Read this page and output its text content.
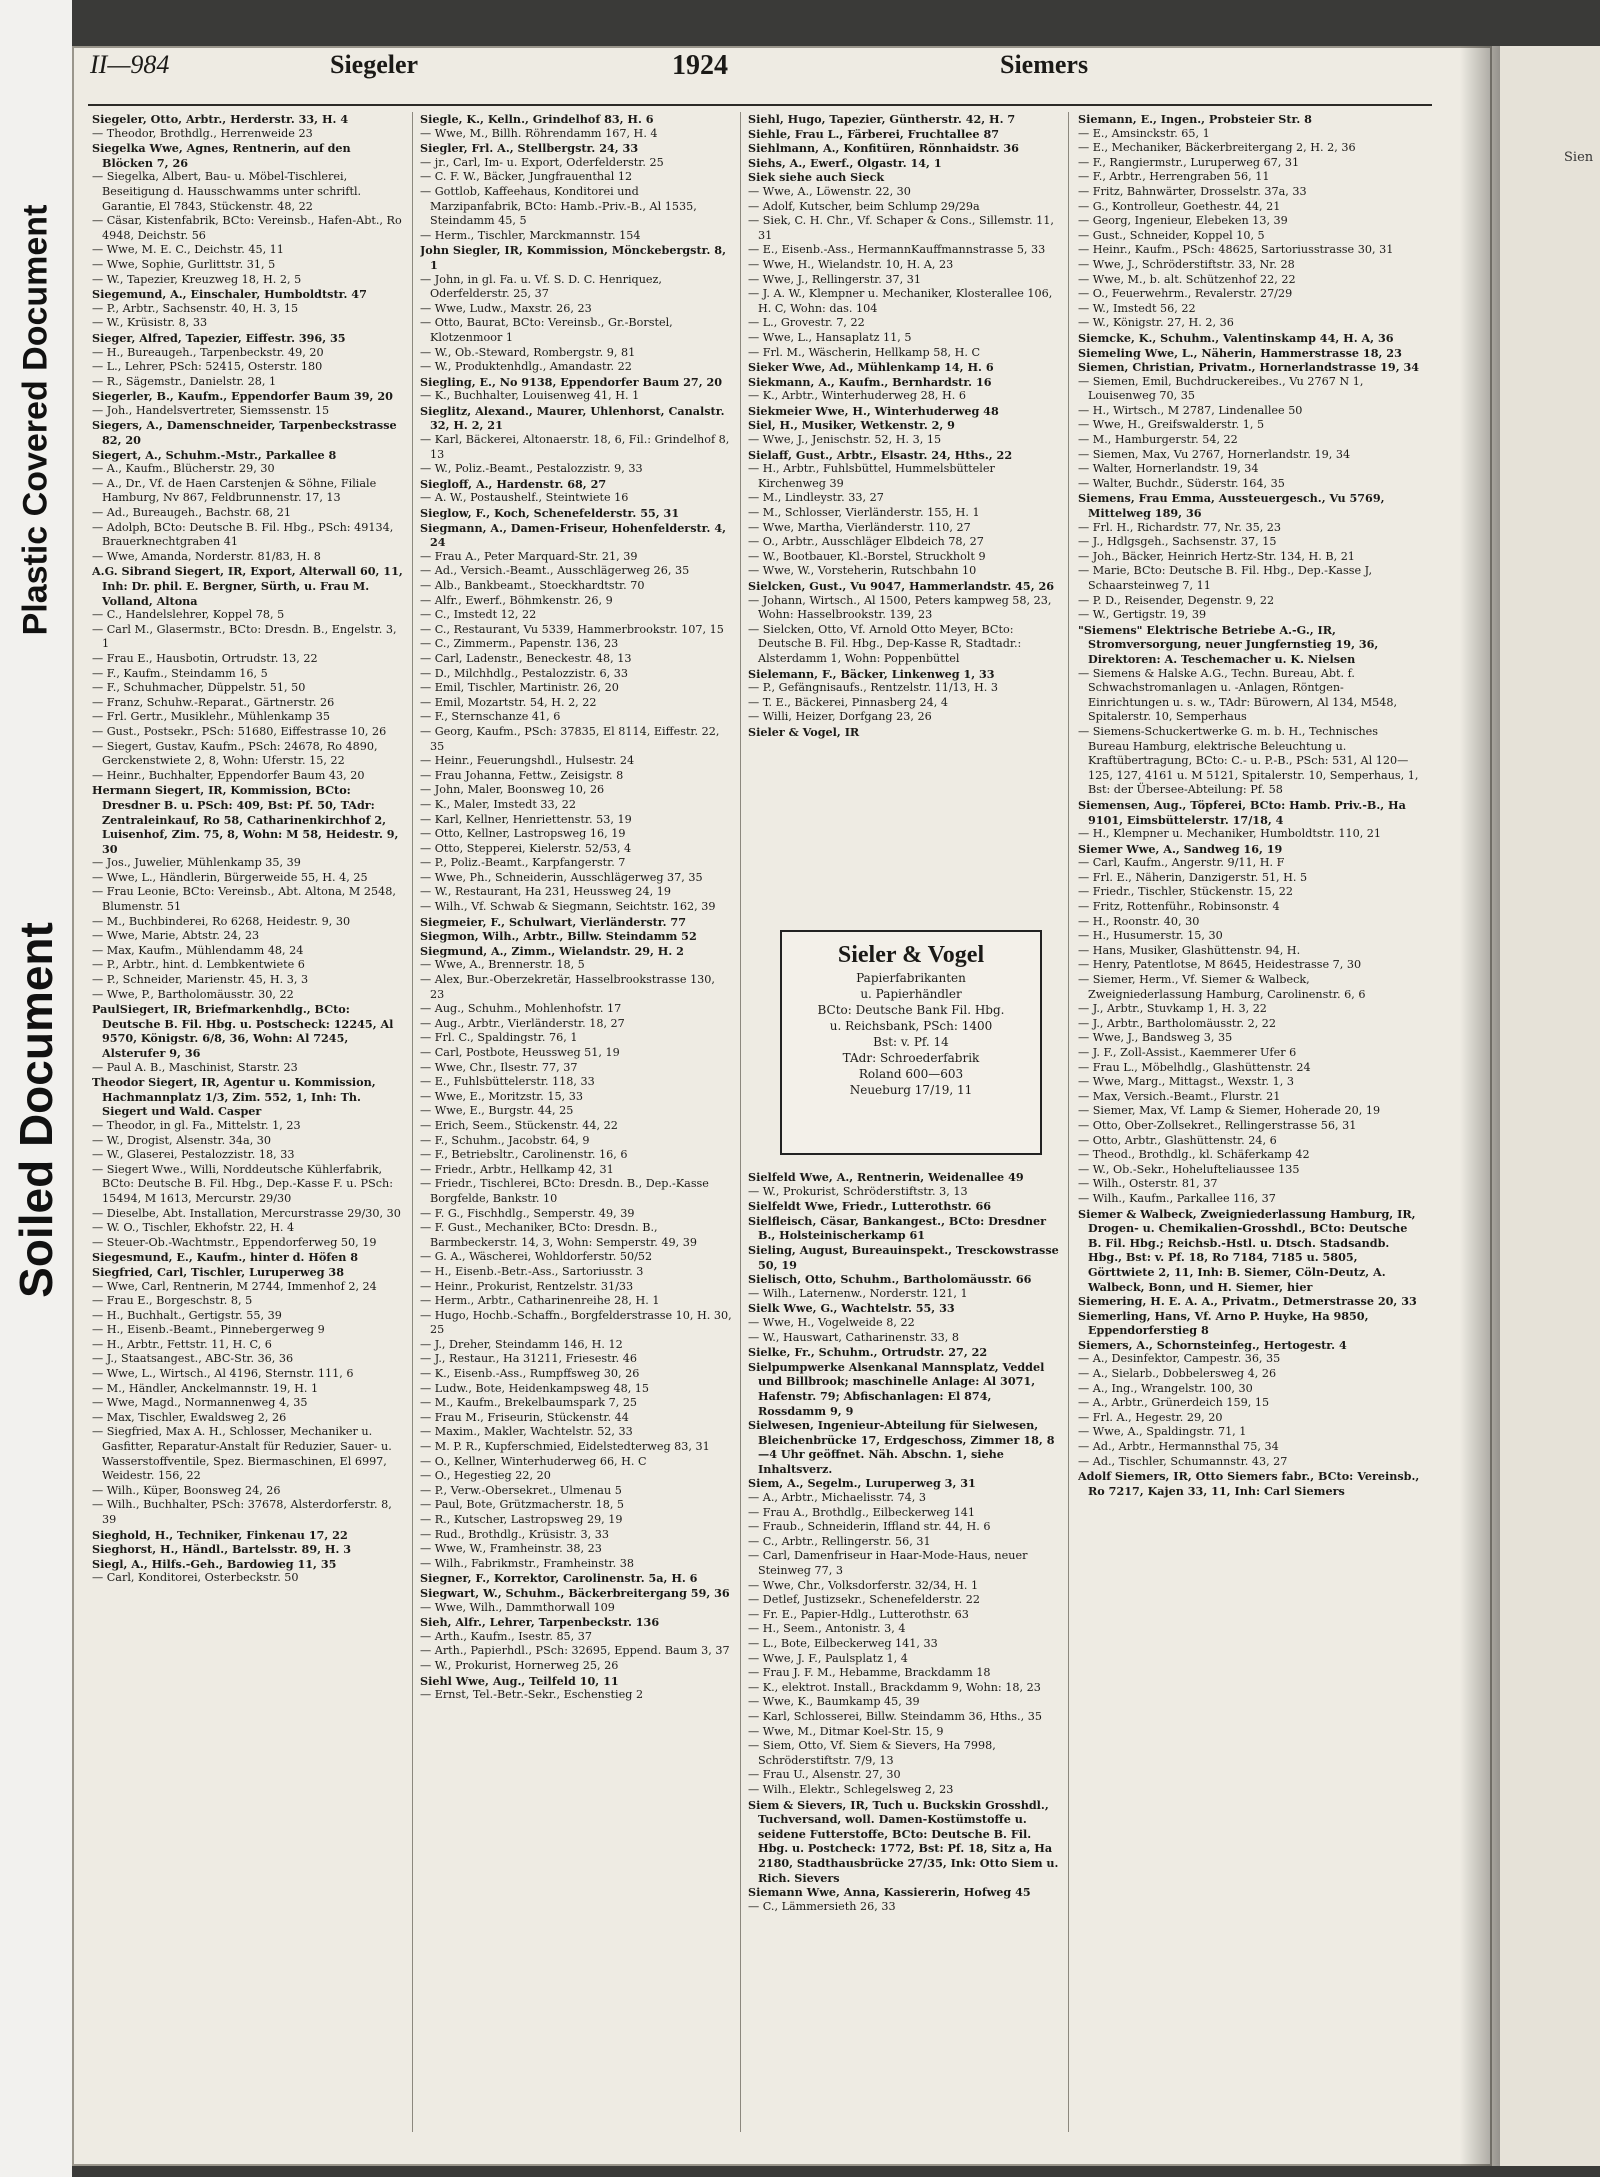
Plastic Covered Document
Soiled Document
Sien
II—984	Siegeler	1924	Siemers

Siegeler, Otto, Arbtr., Herderstr. 33, H. 4

— Theodor, Brothdlg., Herrenweide 23

Siegelka Wwe, Agnes, Rentnerin, auf den Blöcken 7, 26

— Siegelka, Albert, Bau- u. Möbel-Tischlerei, Beseitigung d. Hausschwamms unter schriftl. Garantie, El 7843, Stückenstr. 48, 22

— Cäsar, Kistenfabrik, BCto: Vereinsb., Hafen-Abt., Ro 4948, Deichstr. 56

— Wwe, M. E. C., Deichstr. 45, 11

— Wwe, Sophie, Gurlittstr. 31, 5

— W., Tapezier, Kreuzweg 18, H. 2, 5

Siegemund, A., Einschaler, Humboldtstr. 47

— P., Arbtr., Sachsenstr. 40, H. 3, 15

— W., Krüsistr. 8, 33

Sieger, Alfred, Tapezier, Eiffestr. 396, 35

— H., Bureaugeh., Tarpenbeckstr. 49, 20

— L., Lehrer, PSch: 52415, Osterstr. 180

— R., Sägemstr., Danielstr. 28, 1

Siegerler, B., Kaufm., Eppendorfer Baum 39, 20

— Joh., Handelsvertreter, Siemssenstr. 15

Siegers, A., Damenschneider, Tarpenbeckstrasse 82, 20

Siegert, A., Schuhm.-Mstr., Parkallee 8

— A., Kaufm., Blücherstr. 29, 30

— A., Dr., Vf. de Haen Carstenjen & Söhne, Filiale Hamburg, Nv 867, Feldbrunnenstr. 17, 13

— Ad., Bureaugeh., Bachstr. 68, 21

— Adolph, BCto: Deutsche B. Fil. Hbg., PSch: 49134, Brauerknechtgraben 41

— Wwe, Amanda, Norderstr. 81/83, H. 8

A.G. Sibrand Siegert, IR, Export, Alterwall 60, 11, Inh: Dr. phil. E. Bergner, Sürth, u. Frau M. Volland, Altona

— C., Handelslehrer, Koppel 78, 5

— Carl M., Glasermstr., BCto: Dresdn. B., Engelstr. 3, 1

— Frau E., Hausbotin, Ortrudstr. 13, 22

— F., Kaufm., Steindamm 16, 5

— F., Schuhmacher, Düppelstr. 51, 50

— Franz, Schuhw.-Reparat., Gärtnerstr. 26

— Frl. Gertr., Musiklehr., Mühlenkamp 35

— Gust., Postsekr., PSch: 51680, Eiffestrasse 10, 26

— Siegert, Gustav, Kaufm., PSch: 24678, Ro 4890, Gerckenstwiete 2, 8, Wohn: Uferstr. 15, 22

— Heinr., Buchhalter, Eppendorfer Baum 43, 20

Hermann Siegert, IR, Kommission, BCto: Dresdner B. u. PSch: 409, Bst: Pf. 50, TAdr: Zentraleinkauf, Ro 58, Catharinenkirchhof 2, Luisenhof, Zim. 75, 8, Wohn: M 58, Heidestr. 9, 30

— Jos., Juwelier, Mühlenkamp 35, 39

— Wwe, L., Händlerin, Bürgerweide 55, H. 4, 25

— Frau Leonie, BCto: Vereinsb., Abt. Altona, M 2548, Blumenstr. 51

— M., Buchbinderei, Ro 6268, Heidestr. 9, 30

— Wwe, Marie, Abtstr. 24, 23

— Max, Kaufm., Mühlendamm 48, 24

— P., Arbtr., hint. d. Lembkentwiete 6

— P., Schneider, Marienstr. 45, H. 3, 3

— Wwe, P., Bartholomäusstr. 30, 22

PaulSiegert, IR, Briefmarkenhdlg., BCto: Deutsche B. Fil. Hbg. u. Postscheck: 12245, Al 9570, Königstr. 6/8, 36, Wohn: Al 7245, Alsterufer 9, 36

— Paul A. B., Maschinist, Starstr. 23

Theodor Siegert, IR, Agentur u. Kommission, Hachmannplatz 1/3, Zim. 552, 1, Inh: Th. Siegert und Wald. Casper

— Theodor, in gl. Fa., Mittelstr. 1, 23

— W., Drogist, Alsenstr. 34a, 30

— W., Glaserei, Pestalozzistr. 18, 33

— Siegert Wwe., Willi, Norddeutsche Kühlerfabrik, BCto: Deutsche B. Fil. Hbg., Dep.-Kasse F. u. PSch: 15494, M 1613, Mercurstr. 29/30

— Dieselbe, Abt. Installation, Mercurstrasse 29/30, 30

— W. O., Tischler, Ekhofstr. 22, H. 4

— Steuer-Ob.-Wachtmstr., Eppendorferweg 50, 19

Siegesmund, E., Kaufm., hinter d. Höfen 8

Siegfried, Carl, Tischler, Luruperweg 38

— Wwe, Carl, Rentnerin, M 2744, Immenhof 2, 24

— Frau E., Borgeschstr. 8, 5

— H., Buchhalt., Gertigstr. 55, 39

— H., Eisenb.-Beamt., Pinnebergerweg 9

— H., Arbtr., Fettstr. 11, H. C, 6

— J., Staatsangest., ABC-Str. 36, 36

— Wwe, L., Wirtsch., Al 4196, Sternstr. 111, 6

— M., Händler, Anckelmannstr. 19, H. 1

— Wwe, Magd., Normannenweg 4, 35

— Max, Tischler, Ewaldsweg 2, 26

— Siegfried, Max A. H., Schlosser, Mechaniker u. Gasfitter, Reparatur-Anstalt für Reduzier, Sauer- u. Wasserstoffventile, Spez. Biermaschinen, El 6997, Weidestr. 156, 22

— Wilh., Küper, Boonsweg 24, 26

— Wilh., Buchhalter, PSch: 37678, Alsterdorferstr. 8, 39

Sieghold, H., Techniker, Finkenau 17, 22

Sieghorst, H., Händl., Bartelsstr. 89, H. 3

Siegl, A., Hilfs.-Geh., Bardowieg 11, 35

— Carl, Konditorei, Osterbeckstr. 50

Siegle, K., Kelln., Grindelhof 83, H. 6

— Wwe, M., Billh. Röhrendamm 167, H. 4

Siegler, Frl. A., Stellbergstr. 24, 33

— jr., Carl, Im- u. Export, Oderfelderstr. 25

— C. F. W., Bäcker, Jungfrauenthal 12

— Gottlob, Kaffeehaus, Konditorei und Marzipanfabrik, BCto: Hamb.-Priv.-B., Al 1535, Steindamm 45, 5

— Herm., Tischler, Marckmannstr. 154

John Siegler, IR, Kommission, Mönckebergstr. 8, 1

— John, in gl. Fa. u. Vf. S. D. C. Henriquez, Oderfelderstr. 25, 37

— Wwe, Ludw., Maxstr. 26, 23

— Otto, Baurat, BCto: Vereinsb., Gr.-Borstel, Klotzenmoor 1

— W., Ob.-Steward, Rombergstr. 9, 81

— W., Produktenhdlg., Amandastr. 22

Siegling, E., No 9138, Eppendorfer Baum 27, 20

— K., Buchhalter, Louisenweg 41, H. 1

Sieglitz, Alexand., Maurer, Uhlenhorst, Canalstr. 32, H. 2, 21

— Karl, Bäckerei, Altonaerstr. 18, 6, Fil.: Grindelhof 8, 13

— W., Poliz.-Beamt., Pestalozzistr. 9, 33

Siegloff, A., Hardenstr. 68, 27

— A. W., Postaushelf., Steintwiete 16

Sieglow, F., Koch, Schenefelderstr. 55, 31

Siegmann, A., Damen-Friseur, Hohenfelderstr. 4, 24

— Frau A., Peter Marquard-Str. 21, 39

— Ad., Versich.-Beamt., Ausschlägerweg 26, 35

— Alb., Bankbeamt., Stoeckhardtstr. 70

— Alfr., Ewerf., Böhmkenstr. 26, 9

— C., Imstedt 12, 22

— C., Restaurant, Vu 5339, Hammerbrookstr. 107, 15

— C., Zimmerm., Papenstr. 136, 23

— Carl, Ladenstr., Beneckestr. 48, 13

— D., Milchhdlg., Pestalozzistr. 6, 33

— Emil, Tischler, Martinistr. 26, 20

— Emil, Mozartstr. 54, H. 2, 22

— F., Sternschanze 41, 6

— Georg, Kaufm., PSch: 37835, El 8114, Eiffestr. 22, 35

— Heinr., Feuerungshdl., Hulsestr. 24

— Frau Johanna, Fettw., Zeisigstr. 8

— John, Maler, Boonsweg 10, 26

— K., Maler, Imstedt 33, 22

— Karl, Kellner, Henriettenstr. 53, 19

— Otto, Kellner, Lastropsweg 16, 19

— Otto, Stepperei, Kielerstr. 52/53, 4

— P., Poliz.-Beamt., Karpfangerstr. 7

— Wwe, Ph., Schneiderin, Ausschlägerweg 37, 35

— W., Restaurant, Ha 231, Heussweg 24, 19

— Wilh., Vf. Schwab & Siegmann, Seichtstr. 162, 39

Siegmeier, F., Schulwart, Vierländerstr. 77

Siegmon, Wilh., Arbtr., Billw. Steindamm 52

Siegmund, A., Zimm., Wielandstr. 29, H. 2

— Wwe, A., Brennerstr. 18, 5

— Alex, Bur.-Oberzekretär, Hasselbrookstrasse 130, 23

— Aug., Schuhm., Mohlenhofstr. 17

— Aug., Arbtr., Vierländerstr. 18, 27

— Frl. C., Spaldingstr. 76, 1

— Carl, Postbote, Heussweg 51, 19

— Wwe, Chr., Ilsestr. 77, 37

— E., Fuhlsbüttelerstr. 118, 33

— Wwe, E., Moritzstr. 15, 33

— Wwe, E., Burgstr. 44, 25

— Erich, Seem., Stückenstr. 44, 22

— F., Schuhm., Jacobstr. 64, 9

— F., Betriebsltr., Carolinenstr. 16, 6

— Friedr., Arbtr., Hellkamp 42, 31

— Friedr., Tischlerei, BCto: Dresdn. B., Dep.-Kasse Borgfelde, Bankstr. 10

— F. G., Fischhdlg., Semperstr. 49, 39

— F. Gust., Mechaniker, BCto: Dresdn. B., Barmbeckerstr. 14, 3, Wohn: Semperstr. 49, 39

— G. A., Wäscherei, Wohldorferstr. 50/52

— H., Eisenb.-Betr.-Ass., Sartoriusstr. 3

— Heinr., Prokurist, Rentzelstr. 31/33

— Herm., Arbtr., Catharinenreihe 28, H. 1

— Hugo, Hochb.-Schaffn., Borgfelderstrasse 10, H. 30, 25

— J., Dreher, Steindamm 146, H. 12

— J., Restaur., Ha 31211, Friesestr. 46

— K., Eisenb.-Ass., Rumpffsweg 30, 26

— Ludw., Bote, Heidenkampsweg 48, 15

— M., Kaufm., Brekelbaumspark 7, 25

— Frau M., Friseurin, Stückenstr. 44

— Maxim., Makler, Wachtelstr. 52, 33

— M. P. R., Kupferschmied, Eidelstedterweg 83, 31

— O., Kellner, Winterhuderweg 66, H. C

— O., Hegestieg 22, 20

— P., Verw.-Obersekret., Ulmenau 5

— Paul, Bote, Grützmacherstr. 18, 5

— R., Kutscher, Lastropsweg 29, 19

— Rud., Brothdlg., Krüsistr. 3, 33

— Wwe, W., Framheinstr. 38, 23

— Wilh., Fabrikmstr., Framheinstr. 38

Siegner, F., Korrektor, Carolinenstr. 5a, H. 6

Siegwart, W., Schuhm., Bäckerbreitergang 59, 36

— Wwe, Wilh., Dammthorwall 109

Sieh, Alfr., Lehrer, Tarpenbeckstr. 136

— Arth., Kaufm., Isestr. 85, 37

— Arth., Papierhdl., PSch: 32695, Eppend. Baum 3, 37

— W., Prokurist, Hornerweg 25, 26

Siehl Wwe, Aug., Teilfeld 10, 11

— Ernst, Tel.-Betr.-Sekr., Eschenstieg 2

Siehl, Hugo, Tapezier, Güntherstr. 42, H. 7

Siehle, Frau L., Färberei, Fruchtallee 87

Siehlmann, A., Konfitüren, Rönnhaidstr. 36

Siehs, A., Ewerf., Olgastr. 14, 1

Siek siehe auch Sieck

— Wwe, A., Löwenstr. 22, 30

— Adolf, Kutscher, beim Schlump 29/29a

— Siek, C. H. Chr., Vf. Schaper & Cons., Sillemstr. 11, 31

— E., Eisenb.-Ass., HermannKauffmannstrasse 5, 33

— Wwe, H., Wielandstr. 10, H. A, 23

— Wwe, J., Rellingerstr. 37, 31

— J. A. W., Klempner u. Mechaniker, Klosterallee 106, H. C, Wohn: das. 104

— L., Grovestr. 7, 22

— Wwe, L., Hansaplatz 11, 5

— Frl. M., Wäscherin, Hellkamp 58, H. C

Sieker Wwe, Ad., Mühlenkamp 14, H. 6

Siekmann, A., Kaufm., Bernhardstr. 16

— K., Arbtr., Winterhuderweg 28, H. 6

Siekmeier Wwe, H., Winterhuderweg 48

Siel, H., Musiker, Wetkenstr. 2, 9

— Wwe, J., Jenischstr. 52, H. 3, 15

Sielaff, Gust., Arbtr., Elsastr. 24, Hths., 22

— H., Arbtr., Fuhlsbüttel, Hummelsbütteler Kirchenweg 39

— M., Lindleystr. 33, 27

— M., Schlosser, Vierländerstr. 155, H. 1

— Wwe, Martha, Vierländerstr. 110, 27

— O., Arbtr., Ausschläger Elbdeich 78, 27

— W., Bootbauer, Kl.-Borstel, Struckholt 9

— Wwe, W., Vorsteherin, Rutschbahn 10

Sielcken, Gust., Vu 9047, Hammerlandstr. 45, 26

— Johann, Wirtsch., Al 1500, Peters kampweg 58, 23, Wohn: Hasselbrookstr. 139, 23

— Sielcken, Otto, Vf. Arnold Otto Meyer, BCto: Deutsche B. Fil. Hbg., Dep-Kasse R, Stadtadr.: Alsterdamm 1, Wohn: Poppenbüttel

Sielemann, F., Bäcker, Linkenweg 1, 33

— P., Gefängnisaufs., Rentzelstr. 11/13, H. 3

— T. E., Bäckerei, Pinnasberg 24, 4

— Willi, Heizer, Dorfgang 23, 26

Sieler & Vogel, IR

Sielfeld Wwe, A., Rentnerin, Weidenallee 49

— W., Prokurist, Schröderstiftstr. 3, 13

Sielfeldt Wwe, Friedr., Lutterothstr. 66

Sielfleisch, Cäsar, Bankangest., BCto: Dresdner B., Holsteinischerkamp 61

Sieling, August, Bureauinspekt., Tresckowstrasse 50, 19

Sielisch, Otto, Schuhm., Bartholomäusstr. 66

— Wilh., Laternenw., Norderstr. 121, 1

Sielk Wwe, G., Wachtelstr. 55, 33

— Wwe, H., Vogelweide 8, 22

— W., Hauswart, Catharinenstr. 33, 8

Sielke, Fr., Schuhm., Ortrudstr. 27, 22

Sielpumpwerke Alsenkanal Mannsplatz, Veddel und Billbrook; maschinelle Anlage: Al 3071, Hafenstr. 79; Abfischanlagen: El 874, Rossdamm 9, 9

Sielwesen, Ingenieur-Abteilung für Sielwesen, Bleichenbrücke 17, Erdgeschoss, Zimmer 18, 8—4 Uhr geöffnet. Näh. Abschn. 1, siehe Inhaltsverz.

Siem, A., Segelm., Luruperweg 3, 31

— A., Arbtr., Michaelisstr. 74, 3

— Frau A., Brothdlg., Eilbeckerweg 141

— Fraub., Schneiderin, Iffland str. 44, H. 6

— C., Arbtr., Rellingerstr. 56, 31

— Carl, Damenfriseur in Haar-Mode-Haus, neuer Steinweg 77, 3

— Wwe, Chr., Volksdorferstr. 32/34, H. 1

— Detlef, Justizsekr., Schenefelderstr. 22

— Fr. E., Papier-Hdlg., Lutterothstr. 63

— H., Seem., Antonistr. 3, 4

— L., Bote, Eilbeckerweg 141, 33

— Wwe, J. F., Paulsplatz 1, 4

— Frau J. F. M., Hebamme, Brackdamm 18

— K., elektrot. Install., Brackdamm 9, Wohn: 18, 23

— Wwe, K., Baumkamp 45, 39

— Karl, Schlosserei, Billw. Steindamm 36, Hths., 35

— Wwe, M., Ditmar Koel-Str. 15, 9

— Siem, Otto, Vf. Siem & Sievers, Ha 7998, Schröderstiftstr. 7/9, 13

— Frau U., Alsenstr. 27, 30

— Wilh., Elektr., Schlegelsweg 2, 23

Siem & Sievers, IR, Tuch u. Buckskin Grosshdl., Tuchversand, woll. Damen-Kostümstoffe u. seidene Futterstoffe, BCto: Deutsche B. Fil. Hbg. u. Postcheck: 1772, Bst: Pf. 18, Sitz a, Ha 2180, Stadthausbrücke 27/35, Ink: Otto Siem u. Rich. Sievers

Siemann Wwe, Anna, Kassiererin, Hofweg 45

— C., Lämmersieth 26, 33

Siemann, E., Ingen., Probsteier Str. 8

— E., Amsinckstr. 65, 1

— E., Mechaniker, Bäckerbreitergang 2, H. 2, 36

— F., Rangiermstr., Luruperweg 67, 31

— F., Arbtr., Herrengraben 56, 11

— Fritz, Bahnwärter, Drosselstr. 37a, 33

— G., Kontrolleur, Goethestr. 44, 21

— Georg, Ingenieur, Elebeken 13, 39

— Gust., Schneider, Koppel 10, 5

— Heinr., Kaufm., PSch: 48625, Sartoriusstrasse 30, 31

— Wwe, J., Schröderstiftstr. 33, Nr. 28

— Wwe, M., b. alt. Schützenhof 22, 22

— O., Feuerwehrm., Revalerstr. 27/29

— W., Imstedt 56, 22

— W., Königstr. 27, H. 2, 36

Siemcke, K., Schuhm., Valentinskamp 44, H. A, 36

Siemeling Wwe, L., Näherin, Hammerstrasse 18, 23

Siemen, Christian, Privatm., Hornerlandstrasse 19, 34

— Siemen, Emil, Buchdruckereibes., Vu 2767 N 1, Louisenweg 70, 35

— H., Wirtsch., M 2787, Lindenallee 50

— Wwe, H., Greifswalderstr. 1, 5

— M., Hamburgerstr. 54, 22

— Siemen, Max, Vu 2767, Hornerlandstr. 19, 34

— Walter, Hornerlandstr. 19, 34

— Walter, Buchdr., Süderstr. 164, 35

Siemens, Frau Emma, Aussteuergesch., Vu 5769, Mittelweg 189, 36

— Frl. H., Richardstr. 77, Nr. 35, 23

— J., Hdlgsgeh., Sachsenstr. 37, 15

— Joh., Bäcker, Heinrich Hertz-Str. 134, H. B, 21

— Marie, BCto: Deutsche B. Fil. Hbg., Dep.-Kasse J, Schaarsteinweg 7, 11

— P. D., Reisender, Degenstr. 9, 22

— W., Gertigstr. 19, 39

"Siemens" Elektrische Betriebe A.-G., IR, Stromversorgung, neuer Jungfernstieg 19, 36, Direktoren: A. Teschemacher u. K. Nielsen

— Siemens & Halske A.G., Techn. Bureau, Abt. f. Schwachstromanlagen u. -Anlagen, Röntgen-Einrichtungen u. s. w., TAdr: Bürowern, Al 134, M548, Spitalerstr. 10, Semperhaus

— Siemens-Schuckertwerke G. m. b. H., Technisches Bureau Hamburg, elektrische Beleuchtung u. Kraftübertragung, BCto: C.- u. P.-B., PSch: 531, Al 120—125, 127, 4161 u. M 5121, Spitalerstr. 10, Semperhaus, 1, Bst: der Übersee-Abteilung: Pf. 58

Siemensen, Aug., Töpferei, BCto: Hamb. Priv.-B., Ha 9101, Eimsbüttelerstr. 17/18, 4

— H., Klempner u. Mechaniker, Humboldtstr. 110, 21

Siemer Wwe, A., Sandweg 16, 19

— Carl, Kaufm., Angerstr. 9/11, H. F

— Frl. E., Näherin, Danzigerstr. 51, H. 5

— Friedr., Tischler, Stückenstr. 15, 22

— Fritz, Rottenführ., Robinsonstr. 4

— H., Roonstr. 40, 30

— H., Husumerstr. 15, 30

— Hans, Musiker, Glashüttenstr. 94, H.

— Henry, Patentlotse, M 8645, Heidestrasse 7, 30

— Siemer, Herm., Vf. Siemer & Walbeck, Zweigniederlassung Hamburg, Carolinenstr. 6, 6

— J., Arbtr., Stuvkamp 1, H. 3, 22

— J., Arbtr., Bartholomäusstr. 2, 22

— Wwe, J., Bandsweg 3, 35

— J. F., Zoll-Assist., Kaemmerer Ufer 6

— Frau L., Möbelhdlg., Glashüttenstr. 24

— Wwe, Marg., Mittagst., Wexstr. 1, 3

— Max, Versich.-Beamt., Flurstr. 21

— Siemer, Max, Vf. Lamp & Siemer, Hoherade 20, 19

— Otto, Ober-Zollsekret., Rellingerstrasse 56, 31

— Otto, Arbtr., Glashüttenstr. 24, 6

— Theod., Brothdlg., kl. Schäferkamp 42

— W., Ob.-Sekr., Hohelufteliaussee 135

— Wilh., Osterstr. 81, 37

— Wilh., Kaufm., Parkallee 116, 37

Siemer & Walbeck, Zweigniederlassung Hamburg, IR, Drogen- u. Chemikalien-Grosshdl., BCto: Deutsche B. Fil. Hbg.; Reichsb.-Hstl. u. Dtsch. Stadsandb. Hbg., Bst: v. Pf. 18, Ro 7184, 7185 u. 5805, Görttwiete 2, 11, Inh: B. Siemer, Cöln-Deutz, A. Walbeck, Bonn, und H. Siemer, hier

Siemering, H. E. A. A., Privatm., Detmerstrasse 20, 33

Siemerling, Hans, Vf. Arno P. Huyke, Ha 9850, Eppendorferstieg 8

Siemers, A., Schornsteinfeg., Hertogestr. 4

— A., Desinfektor, Campestr. 36, 35

— A., Sielarb., Dobbelersweg 4, 26

— A., Ing., Wrangelstr. 100, 30

— A., Arbtr., Grünerdeich 159, 15

— Frl. A., Hegestr. 29, 20

— Wwe, A., Spaldingstr. 71, 1

— Ad., Arbtr., Hermannsthal 75, 34

— Ad., Tischler, Schumannstr. 43, 27

Adolf Siemers, IR, Otto Siemers fabr., BCto: Vereinsb., Ro 7217, Kajen 33, 11, Inh: Carl Siemers

Sieler & Vogel
Papierfabrikanten
u. Papierhändler
BCto: Deutsche Bank Fil. Hbg.
u. Reichsbank, PSch: 1400
Bst: v. Pf. 14
TAdr: Schroederfabrik
Roland 600—603
Neueburg 17/19, 11
